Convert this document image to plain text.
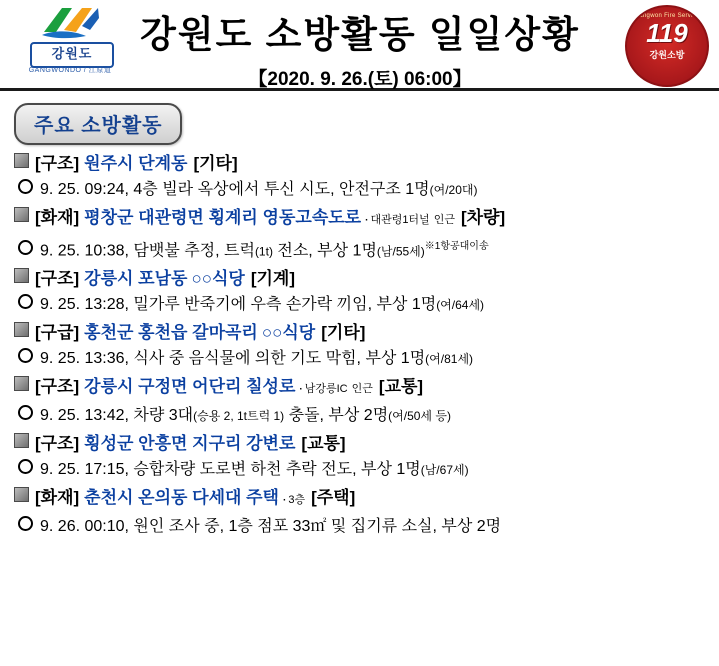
강원도
GANGWONDO / 江原道
강원도 소방활동 일일상황
【2020. 9. 26.(토) 06:00】
Gangwon Fire Service
119
강원소방
주요 소방활동
[구조] 원주시 단계동 [기타]
9. 25. 09:24, 4층 빌라 옥상에서 투신 시도, 안전구조 1명(여/20대)
[화재] 평창군 대관령면 횡계리 영동고속도로 · 대관령1터널 인근 [차량]
9. 25. 10:38, 담뱃불 추정, 트럭(1t) 전소, 부상 1명(남/55세)$^{※1항공대이송}$
[구조] 강릉시 포남동 ○○식당 [기계]
9. 25. 13:28, 밀가루 반죽기에 우측 손가락 끼임, 부상 1명(여/64세)
[구급] 홍천군 홍천읍 갈마곡리 ○○식당 [기타]
9. 25. 13:36, 식사 중 음식물에 의한 기도 막힘, 부상 1명(여/81세)
[구조] 강릉시 구정면 어단리 칠성로 · 남강릉IC 인근 [교통]
9. 25. 13:42, 차량 3대(승용 2, 1t트럭 1) 충돌, 부상 2명(여/50세 등)
[구조] 횡성군 안흥면 지구리 강변로 [교통]
9. 25. 17:15, 승합차량 도로변 하천 추락 전도, 부상 1명(남/67세)
[화재] 춘천시 온의동 다세대 주택 · 3층 [주택]
9. 26. 00:10, 원인 조사 중, 1층 점포 33㎡ 및 집기류 소실, 부상 2명
